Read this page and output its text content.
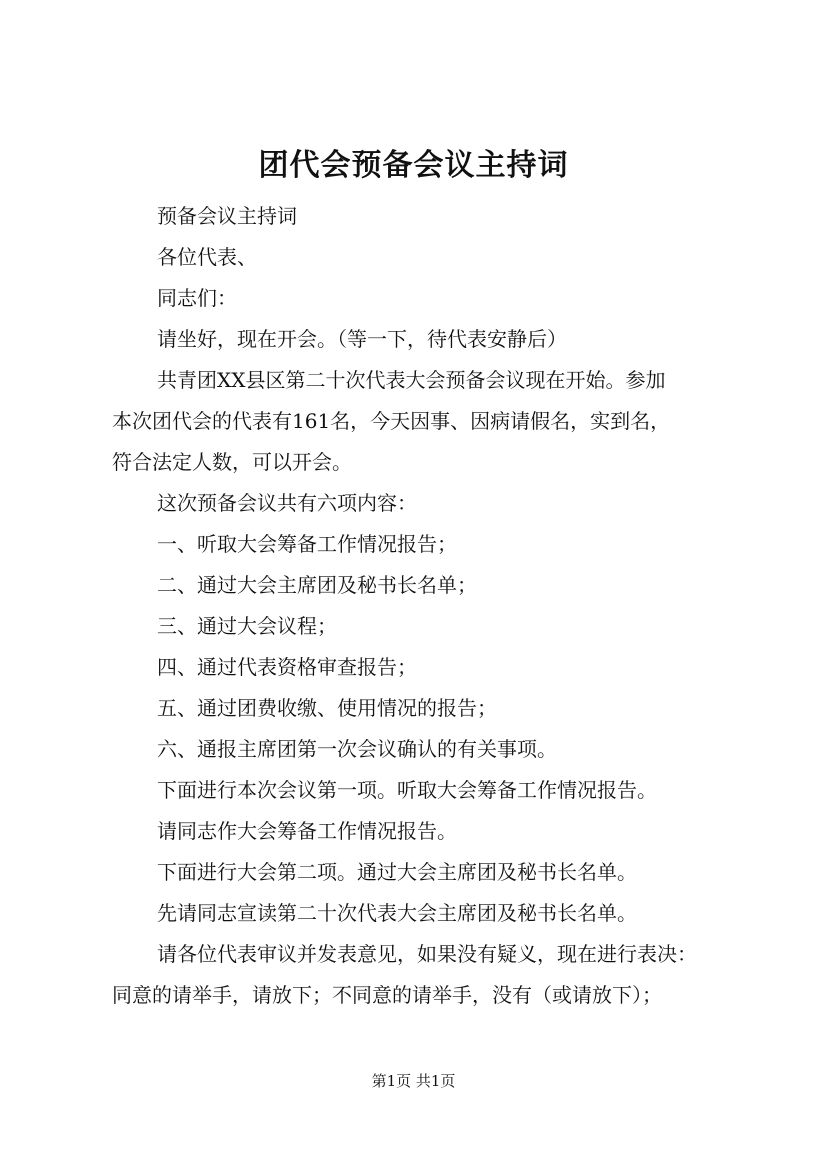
团代会预备会议主持词

预备会议主持词

各位代表、

同志们：

请坐好，现在开会。（等一下，待代表安静后）

共青团XX县区第二十次代表大会预备会议现在开始。参加
本次团代会的代表有161名，今天因事、因病请假名，实到名，
符合法定人数，可以开会。

这次预备会议共有六项内容：

一、听取大会筹备工作情况报告；

二、通过大会主席团及秘书长名单；

三、通过大会议程；

四、通过代表资格审查报告；

五、通过团费收缴、使用情况的报告；

六、通报主席团第一次会议确认的有关事项。

下面进行本次会议第一项。听取大会筹备工作情况报告。

请同志作大会筹备工作情况报告。

下面进行大会第二项。通过大会主席团及秘书长名单。

先请同志宣读第二十次代表大会主席团及秘书长名单。

请各位代表审议并发表意见，如果没有疑义，现在进行表决：
同意的请举手，请放下；不同意的请举手，没有（或请放下）；

第1页 共1页
